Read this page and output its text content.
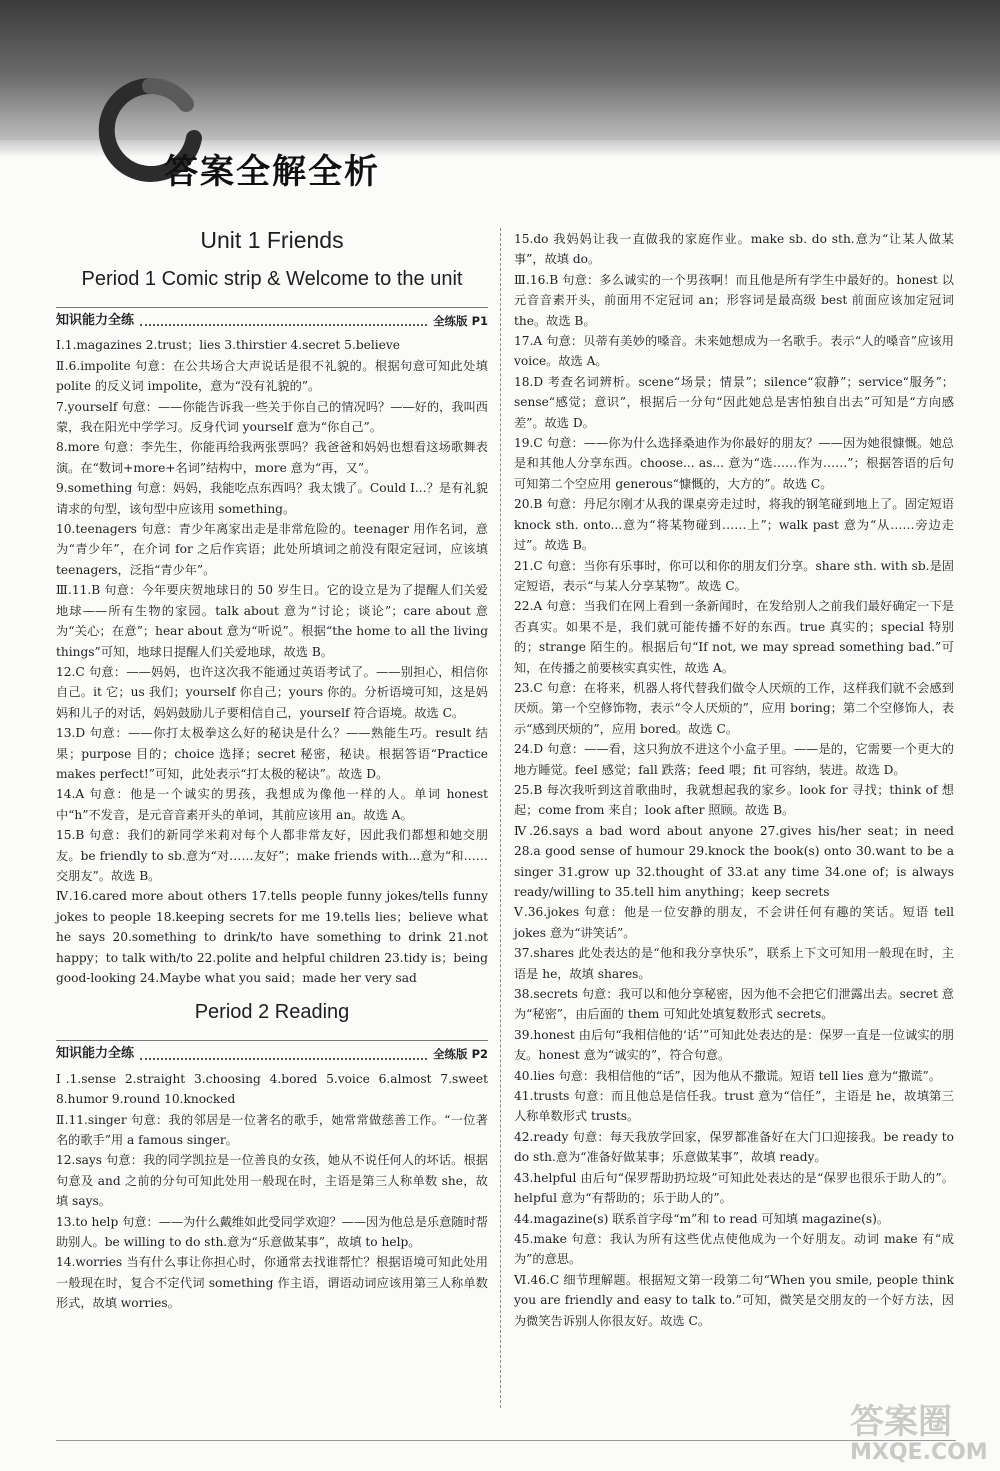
答案全解全析
Unit 1 Friends
Period 1 Comic strip & Welcome to the unit
知识能力全练	全练版 P1

Ⅰ.1.magazines 2.trust；lies 3.thirstier 4.secret 5.believe

Ⅱ.6.impolite 句意：在公共场合大声说话是很不礼貌的。根据句意可知此处填 polite 的反义词 impolite，意为“没有礼貌的”。

7.yourself 句意：——你能告诉我一些关于你自己的情况吗？——好的，我叫西蒙，我在阳光中学学习。反身代词 yourself 意为“你自己”。

8.more 句意：李先生，你能再给我两张票吗？我爸爸和妈妈也想看这场歌舞表演。在“数词+more+名词”结构中，more 意为“再，又”。

9.something 句意：妈妈，我能吃点东西吗？我太饿了。Could I...？是有礼貌请求的句型，该句型中应该用 something。

10.teenagers 句意：青少年离家出走是非常危险的。teenager 用作名词，意为“青少年”，在介词 for 之后作宾语；此处所填词之前没有限定冠词，应该填 teenagers，泛指“青少年”。

Ⅲ.11.B 句意：今年要庆贺地球日的 50 岁生日。它的设立是为了提醒人们关爱地球——所有生物的家园。talk about 意为“讨论；谈论”；care about 意为“关心；在意”；hear about 意为“听说”。根据“the home to all the living things”可知，地球日提醒人们关爱地球，故选 B。

12.C 句意：——妈妈，也许这次我不能通过英语考试了。——别担心，相信你自己。it 它；us 我们；yourself 你自己；yours 你的。分析语境可知，这是妈妈和儿子的对话，妈妈鼓励儿子要相信自己，yourself 符合语境。故选 C。

13.D 句意：——你打太极拳这么好的秘诀是什么？——熟能生巧。result 结果；purpose 目的；choice 选择；secret 秘密，秘诀。根据答语“Practice makes perfect!”可知，此处表示“打太极的秘诀”。故选 D。

14.A 句意：他是一个诚实的男孩，我想成为像他一样的人。单词 honest 中“h”不发音，是元音音素开头的单词，其前应该用 an。故选 A。

15.B 句意：我们的新同学米莉对每个人都非常友好，因此我们都想和她交朋友。be friendly to sb.意为“对……友好”；make friends with...意为“和……交朋友”。故选 B。

Ⅳ.16.cared more about others 17.tells people funny jokes/tells funny jokes to people 18.keeping secrets for me 19.tells lies；believe what he says 20.something to drink/to have something to drink 21.not happy；to talk with/to 22.polite and helpful children 23.tidy is；being good-looking 24.Maybe what you said；made her very sad

Period 2 Reading
知识能力全练	全练版 P2

Ⅰ.1.sense 2.straight 3.choosing 4.bored 5.voice 6.almost 7.sweet 8.humor 9.round 10.knocked

Ⅱ.11.singer 句意：我的邻居是一位著名的歌手，她常常做慈善工作。“一位著名的歌手”用 a famous singer。

12.says 句意：我的同学凯拉是一位善良的女孩，她从不说任何人的坏话。根据句意及 and 之前的分句可知此处用一般现在时，主语是第三人称单数 she，故填 says。

13.to help 句意：——为什么戴维如此受同学欢迎？——因为他总是乐意随时帮助别人。be willing to do sth.意为“乐意做某事”，故填 to help。

14.worries 当有什么事让你担心时，你通常去找谁帮忙？根据语境可知此处用一般现在时，复合不定代词 something 作主语，谓语动词应该用第三人称单数形式，故填 worries。

15.do 我妈妈让我一直做我的家庭作业。make sb. do sth.意为“让某人做某事”，故填 do。

Ⅲ.16.B 句意：多么诚实的一个男孩啊！而且他是所有学生中最好的。honest 以元音音素开头，前面用不定冠词 an；形容词是最高级 best 前面应该加定冠词 the。故选 B。

17.A 句意：贝蒂有美妙的嗓音。未来她想成为一名歌手。表示“人的嗓音”应该用 voice。故选 A。

18.D 考查名词辨析。scene“场景；情景”；silence“寂静”；service“服务”；sense“感觉；意识”，根据后一分句“因此她总是害怕独自出去”可知是“方向感差”。故选 D。

19.C 句意：——你为什么选择桑迪作为你最好的朋友？——因为她很慷慨。她总是和其他人分享东西。choose... as... 意为“选……作为……”；根据答语的后句可知第二个空应用 generous“慷慨的，大方的”。故选 C。

20.B 句意：丹尼尔刚才从我的课桌旁走过时，将我的钢笔碰到地上了。固定短语 knock sth. onto...意为“将某物碰到……上”；walk past 意为“从……旁边走过”。故选 B。

21.C 句意：当你有乐事时，你可以和你的朋友们分享。share sth. with sb.是固定短语，表示“与某人分享某物”。故选 C。

22.A 句意：当我们在网上看到一条新闻时，在发给别人之前我们最好确定一下是否真实。如果不是，我们就可能传播不好的东西。true 真实的；special 特别的；strange 陌生的。根据后句“If not, we may spread something bad.”可知，在传播之前要核实真实性，故选 A。

23.C 句意：在将来，机器人将代替我们做令人厌烦的工作，这样我们就不会感到厌烦。第一个空修饰物，表示“令人厌烦的”，应用 boring；第二个空修饰人，表示“感到厌烦的”，应用 bored。故选 C。

24.D 句意：——看，这只狗放不进这个小盒子里。——是的，它需要一个更大的地方睡觉。feel 感觉；fall 跌落；feed 喂；fit 可容纳，装进。故选 D。

25.B 每次我听到这首歌曲时，我就想起我的家乡。look for 寻找；think of 想起；come from 来自；look after 照顾。故选 B。

Ⅳ.26.says a bad word about anyone 27.gives his/her seat；in need 28.a good sense of humour 29.knock the book(s) onto 30.want to be a singer 31.grow up 32.thought of 33.at any time 34.one of；is always ready/willing to 35.tell him anything；keep secrets

Ⅴ.36.jokes 句意：他是一位安静的朋友，不会讲任何有趣的笑话。短语 tell jokes 意为“讲笑话”。

37.shares 此处表达的是“他和我分享快乐”，联系上下文可知用一般现在时，主语是 he，故填 shares。

38.secrets 句意：我可以和他分享秘密，因为他不会把它们泄露出去。secret 意为“秘密”，由后面的 them 可知此处填复数形式 secrets。

39.honest 由后句“我相信他的‘话’”可知此处表达的是：保罗一直是一位诚实的朋友。honest 意为“诚实的”，符合句意。

40.lies 句意：我相信他的“话”，因为他从不撒谎。短语 tell lies 意为“撒谎”。

41.trusts 句意：而且他总是信任我。trust 意为“信任”，主语是 he，故填第三人称单数形式 trusts。

42.ready 句意：每天我放学回家，保罗都准备好在大门口迎接我。be ready to do sth.意为“准备好做某事；乐意做某事”，故填 ready。

43.helpful 由后句“保罗帮助扔垃圾”可知此处表达的是“保罗也很乐于助人的”。helpful 意为“有帮助的；乐于助人的”。

44.magazine(s) 联系首字母“m”和 to read 可知填 magazine(s)。

45.make 句意：我认为所有这些优点使他成为一个好朋友。动词 make 有“成为”的意思。

Ⅵ.46.C 细节理解题。根据短文第一段第二句“When you smile, people think you are friendly and easy to talk to.”可知，微笑是交朋友的一个好方法，因为微笑告诉别人你很友好。故选 C。

答案圈
MXQE.COM
